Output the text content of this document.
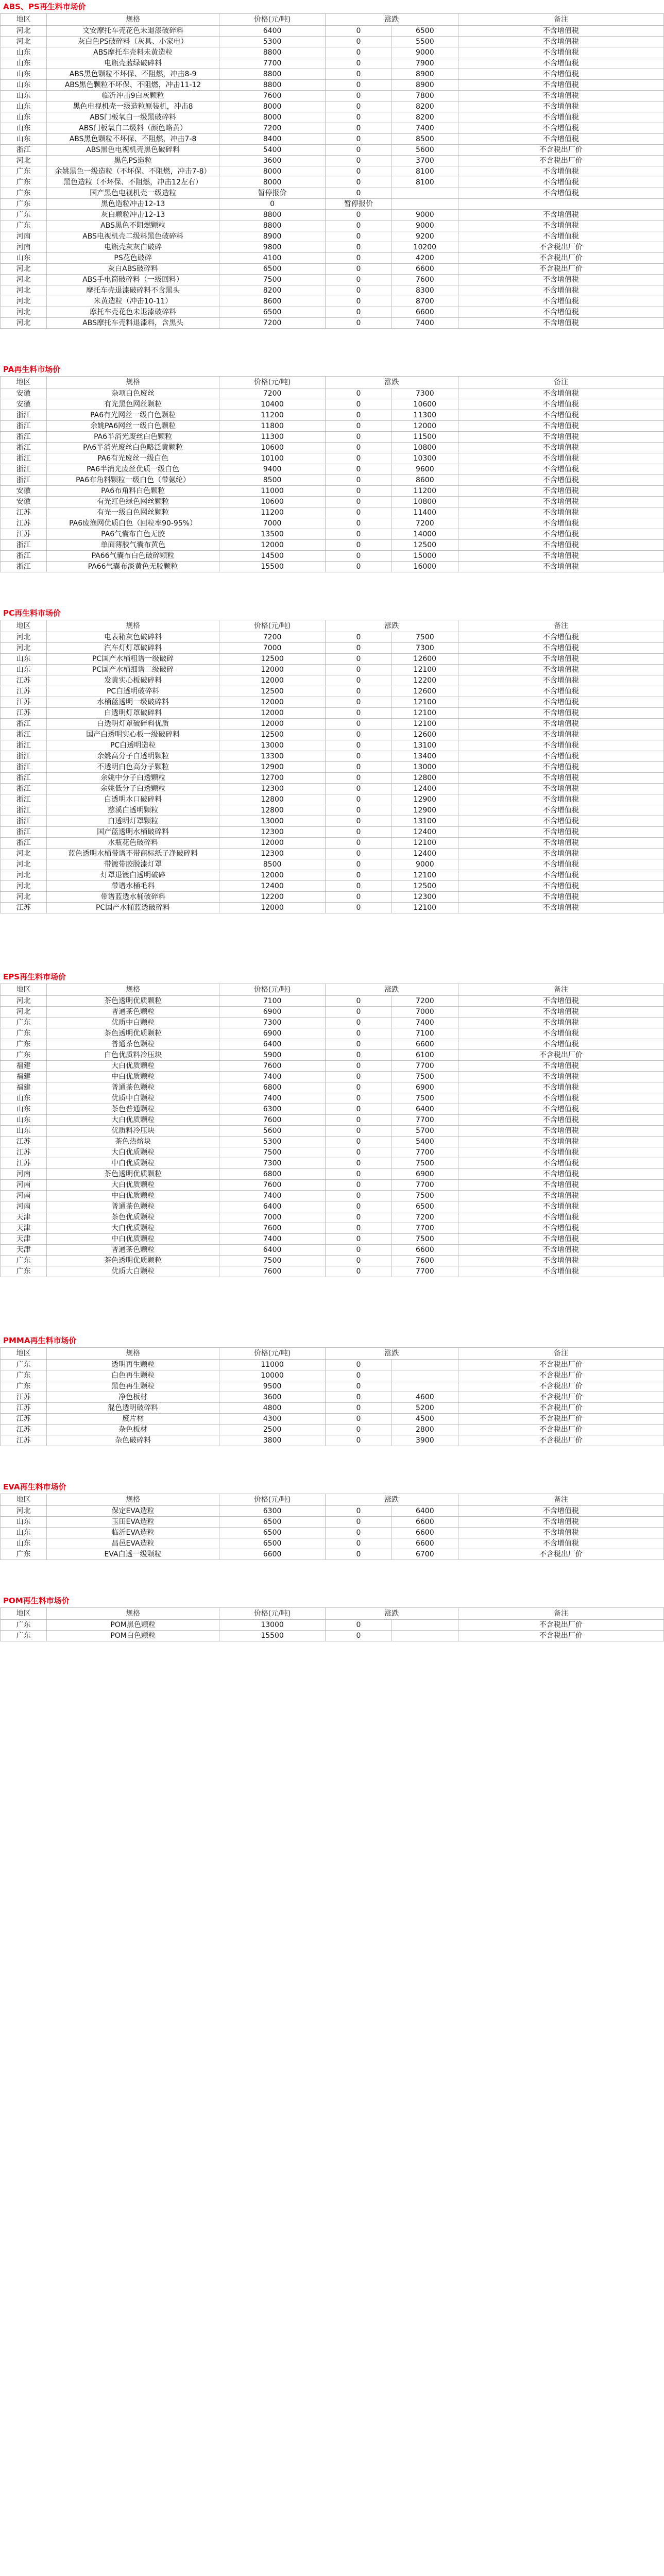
ABS、PS再生料市场价
地区	规格	价格(元/吨)	涨跌		备注
河北	文安摩托车壳花色未退漆破碎料	6400	0	6500	不含增值税
河北	灰白色PS破碎料（灰具、小家电）	5300	0	5500	不含增值税
山东	ABS摩托车壳料未黄造粒	8800	0	9000	不含增值税
山东	电瓶壳蓝绿破碎料	7700	0	7900	不含增值税
山东	ABS黑色颗粒不坏保、不阻燃，冲击8-9	8800	0	8900	不含增值税
山东	ABS黑色颗粒不坏保、不阻燃，冲击11-12	8800	0	8900	不含增值税
山东	临沂冲击9白灰颗粒	7600	0	7800	不含增值税
山东	黑色电视机壳一级造粒原装机，冲击8	8000	0	8200	不含增值税
山东	ABS门板氧白一级黑破碎料	8000	0	8200	不含增值税
山东	ABS门板氧白二级料（颜色略黄）	7200	0	7400	不含增值税
山东	ABS黑色颗粒不坏保、不阻燃，冲击7-8	8400	0	8500	不含增值税
浙江	ABS黑色电视机壳黑色破碎料	5400	0	5600	不含税出厂价
河北	黑色PS造粒	3600	0	3700	不含税出厂价
广东	余姚黑色一级造粒（不坏保、不阻燃，冲击7-8）	8000	0	8100	不含增值税
广东	黑色造粒（不坏保、不阻燃，冲击12左右）	8000	0	8100	不含增值税
广东	国产黑色电视机壳一级造粒	暂停报价	0		不含增值税
广东	黑色造粒冲击12-13	0	暂停报价		
广东	灰白颗粒冲击12-13	8800	0	9000	不含增值税
广东	ABS黑色不阻燃颗粒	8800	0	9000	不含增值税
河南	ABS电视机壳二级料黑色破碎料	8900	0	9200	不含增值税
河南	电瓶壳灰灰白破碎	9800	0	10200	不含税出厂价
山东	PS花色破碎	4100	0	4200	不含税出厂价
河北	灰白ABS破碎料	6500	0	6600	不含税出厂价
河北	ABS手电筒破碎料（一级回料）	7500	0	7600	不含增值税
河北	摩托车壳退漆破碎料不含黑头	8200	0	8300	不含增值税
河北	米黄造粒（冲击10-11）	8600	0	8700	不含增值税
河北	摩托车壳花色未退漆破碎料	6500	0	6600	不含增值税
河北	ABS摩托车壳料退漆料，含黑头	7200	0	7400	不含增值税
PA再生料市场价
地区	规格	价格(元/吨)	涨跌		备注
安徽	杂项白色废丝	7200	0	7300	不含增值税
安徽	有光黑色网丝颗粒	10400	0	10600	不含增值税
浙江	PA6有光网丝一级白色颗粒	11200	0	11300	不含增值税
浙江	余姚PA6网丝一级白色颗粒	11800	0	12000	不含增值税
浙江	PA6半消光废丝白色颗粒	11300	0	11500	不含增值税
浙江	PA6半消光废丝白色略泛黄颗粒	10600	0	10800	不含增值税
浙江	PA6有光废丝一级白色	10100	0	10300	不含增值税
浙江	PA6半消光废丝优质一级白色	9400	0	9600	不含增值税
浙江	PA6布角料颗粒一级白色（带氨纶）	8500	0	8600	不含增值税
安徽	PA6布角料白色颗粒	11000	0	11200	不含增值税
安徽	有光红色绿色网丝颗粒	10600	0	10800	不含增值税
江苏	有光一级白色网丝颗粒	11200	0	11400	不含增值税
江苏	PA6废渔网优质白色（回粒率90-95%）	7000	0	7200	不含增值税
江苏	PA6气囊布白色无胶	13500	0	14000	不含增值税
浙江	单面薄胶气囊布黄色	12000	0	12500	不含增值税
浙江	PA66气囊布白色破碎颗粒	14500	0	15000	不含增值税
浙江	PA66气囊布淡黄色无胶颗粒	15500	0	16000	不含增值税
PC再生料市场价
地区	规格	价格(元/吨)	涨跌		备注
河北	电表箱灰色破碎料	7200	0	7500	不含增值税
河北	汽车灯灯罩破碎料	7000	0	7300	不含增值税
山东	PC国产水桶粗谱一级破碎	12500	0	12600	不含增值税
山东	PC国产水桶细谱二级破碎	12000	0	12100	不含增值税
江苏	发黄实心板破碎料	12000	0	12200	不含增值税
江苏	PC白透明破碎料	12500	0	12600	不含增值税
江苏	水桶蓝透明一级破碎料	12000	0	12100	不含增值税
江苏	白透明灯罩破碎料	12000	0	12100	不含增值税
浙江	白透明灯罩破碎料优质	12000	0	12100	不含增值税
浙江	国产白透明实心板一级破碎料	12500	0	12600	不含增值税
浙江	PC白透明造粒	13000	0	13100	不含增值税
浙江	余姚高分子白透明颗粒	13300	0	13400	不含增值税
浙江	不透明白色高分子颗粒	12900	0	13000	不含增值税
浙江	余姚中分子白透颗粒	12700	0	12800	不含增值税
浙江	余姚低分子白透颗粒	12300	0	12400	不含增值税
浙江	白透明水口破碎料	12800	0	12900	不含增值税
浙江	慈溪白透明颗粒	12800	0	12900	不含增值税
浙江	白透明灯罩颗粒	13000	0	13100	不含增值税
浙江	国产蓝透明水桶破碎料	12300	0	12400	不含增值税
浙江	水瓶花色破碎料	12000	0	12100	不含增值税
河北	蓝色透明水桶带谱不带商标纸子净破碎料	12300	0	12400	不含增值税
河北	带镀带胶脱漆灯罩	8500	0	9000	不含增值税
河北	灯罩退镀白透明破碎	12000	0	12100	不含增值税
河北	带谱水桶毛料	12400	0	12500	不含增值税
河北	带谱蓝透水桶破碎料	12200	0	12300	不含增值税
江苏	PC国产水桶蓝透破碎料	12000	0	12100	不含增值税
EPS再生料市场价
地区	规格	价格(元/吨)	涨跌		备注
河北	茶色透明优质颗粒	7100	0	7200	不含增值税
河北	普通茶色颗粒	6900	0	7000	不含增值税
广东	优质中白颗粒	7300	0	7400	不含增值税
广东	茶色透明优质颗粒	6900	0	7100	不含增值税
广东	普通茶色颗粒	6400	0	6600	不含增值税
广东	白色优质料冷压块	5900	0	6100	不含税出厂价
福建	大白优质颗粒	7600	0	7700	不含增值税
福建	中白优质颗粒	7400	0	7500	不含增值税
福建	普通茶色颗粒	6800	0	6900	不含增值税
山东	优质中白颗粒	7400	0	7500	不含增值税
山东	茶色普通颗粒	6300	0	6400	不含增值税
山东	大白优质颗粒	7600	0	7700	不含增值税
山东	优质料冷压块	5600	0	5700	不含增值税
江苏	茶色热熔块	5300	0	5400	不含增值税
江苏	大白优质颗粒	7500	0	7700	不含增值税
江苏	中白优质颗粒	7300	0	7500	不含增值税
河南	茶色透明优质颗粒	6800	0	6900	不含增值税
河南	大白优质颗粒	7600	0	7700	不含增值税
河南	中白优质颗粒	7400	0	7500	不含增值税
河南	普通茶色颗粒	6400	0	6500	不含增值税
天津	茶色优质颗粒	7000	0	7200	不含增值税
天津	大白优质颗粒	7600	0	7700	不含增值税
天津	中白优质颗粒	7400	0	7500	不含增值税
天津	普通茶色颗粒	6400	0	6600	不含增值税
广东	茶色透明优质颗粒	7500	0	7600	不含增值税
广东	优质大白颗粒	7600	0	7700	不含增值税
PMMA再生料市场价
地区	规格	价格(元/吨)	涨跌		备注
广东	透明再生颗粒	11000	0		不含税出厂价
广东	白色再生颗粒	10000	0		不含税出厂价
广东	黑色再生颗粒	9500	0		不含税出厂价
江苏	净色板材	3600	0	4600	不含税出厂价
江苏	混色透明破碎料	4800	0	5200	不含税出厂价
江苏	废片材	4300	0	4500	不含税出厂价
江苏	杂色板材	2500	0	2800	不含税出厂价
江苏	杂色破碎料	3800	0	3900	不含税出厂价
EVA再生料市场价
地区	规格	价格(元/吨)	涨跌		备注
河北	保定EVA造粒	6300	0	6400	不含增值税
山东	玉田EVA造粒	6500	0	6600	不含增值税
山东	临沂EVA造粒	6500	0	6600	不含增值税
山东	昌邑EVA造粒	6500	0	6600	不含增值税
广东	EVA白透一级颗粒	6600	0	6700	不含税出厂价
POM再生料市场价
地区	规格	价格(元/吨)	涨跌		备注
广东	POM黑色颗粒	13000	0		不含税出厂价
广东	POM白色颗粒	15500	0		不含税出厂价
